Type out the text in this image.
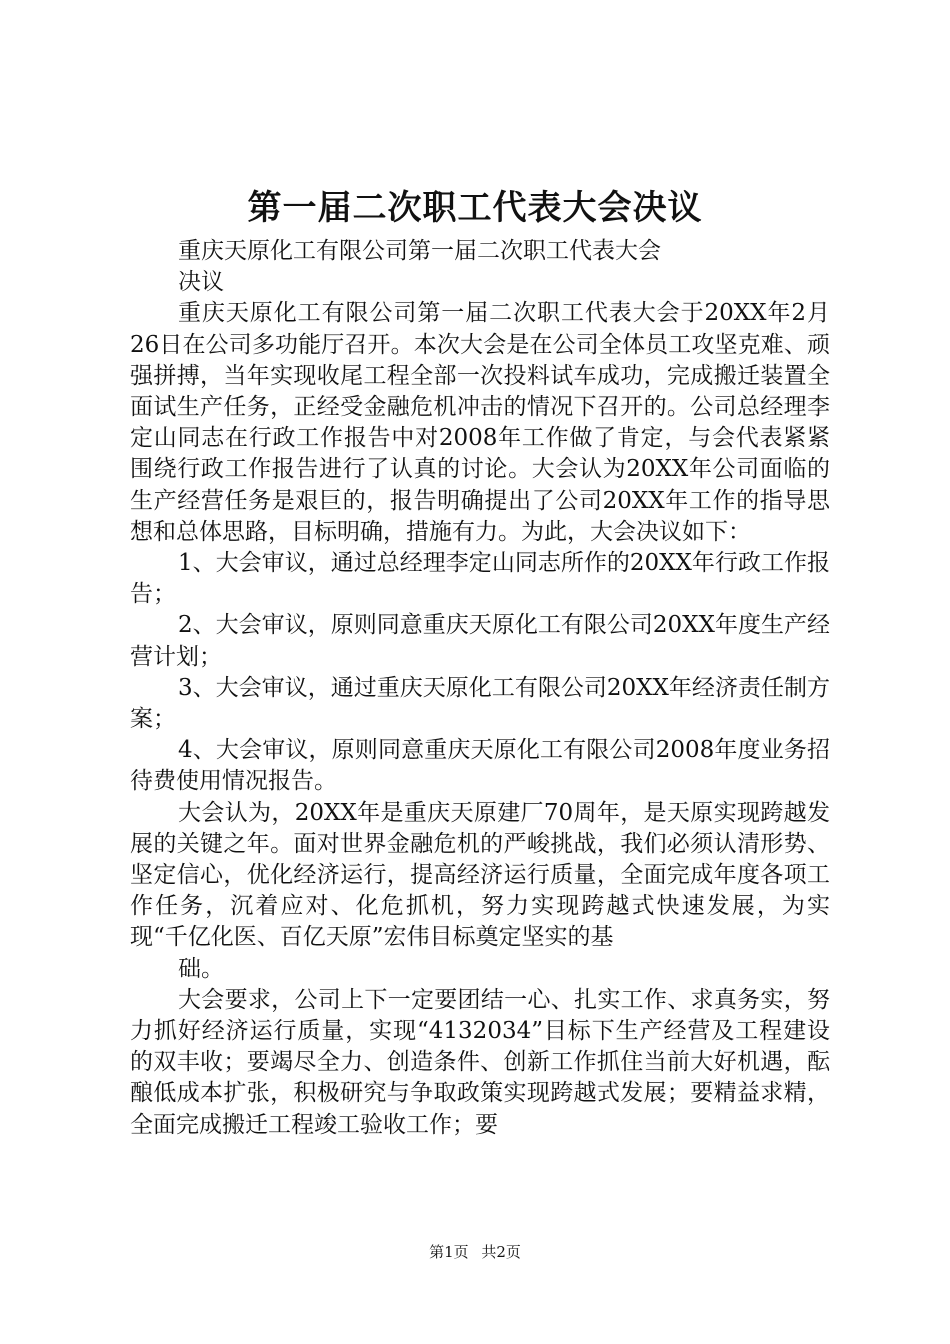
第一届二次职工代表大会决议

重庆天原化工有限公司第一届二次职工代表大会

决议

重庆天原化工有限公司第一届二次职工代表大会于20XX年2月26日在公司多功能厅召开。本次大会是在公司全体员工攻坚克难、顽强拼搏，当年实现收尾工程全部一次投料试车成功，完成搬迁装置全面试生产任务，正经受金融危机冲击的情况下召开的。公司总经理李定山同志在行政工作报告中对2008年工作做了肯定，与会代表紧紧围绕行政工作报告进行了认真的讨论。大会认为20XX年公司面临的生产经营任务是艰巨的，报告明确提出了公司20XX年工作的指导思想和总体思路，目标明确，措施有力。为此，大会决议如下：

1、大会审议，通过总经理李定山同志所作的20XX年行政工作报告；

2、大会审议，原则同意重庆天原化工有限公司20XX年度生产经营计划；

3、大会审议，通过重庆天原化工有限公司20XX年经济责任制方案；

4、大会审议，原则同意重庆天原化工有限公司2008年度业务招待费使用情况报告。

大会认为，20XX年是重庆天原建厂70周年，是天原实现跨越发展的关键之年。面对世界金融危机的严峻挑战，我们必须认清形势、坚定信心，优化经济运行，提高经济运行质量，全面完成年度各项工作任务，沉着应对、化危抓机，努力实现跨越式快速发展，为实现“千亿化医、百亿天原”宏伟目标奠定坚实的基

础。

大会要求，公司上下一定要团结一心、扎实工作、求真务实，努力抓好经济运行质量，实现“4132034”目标下生产经营及工程建设的双丰收；要竭尽全力、创造条件、创新工作抓住当前大好机遇，酝酿低成本扩张，积极研究与争取政策实现跨越式发展；要精益求精，全面完成搬迁工程竣工验收工作；要

第1页 共2页
